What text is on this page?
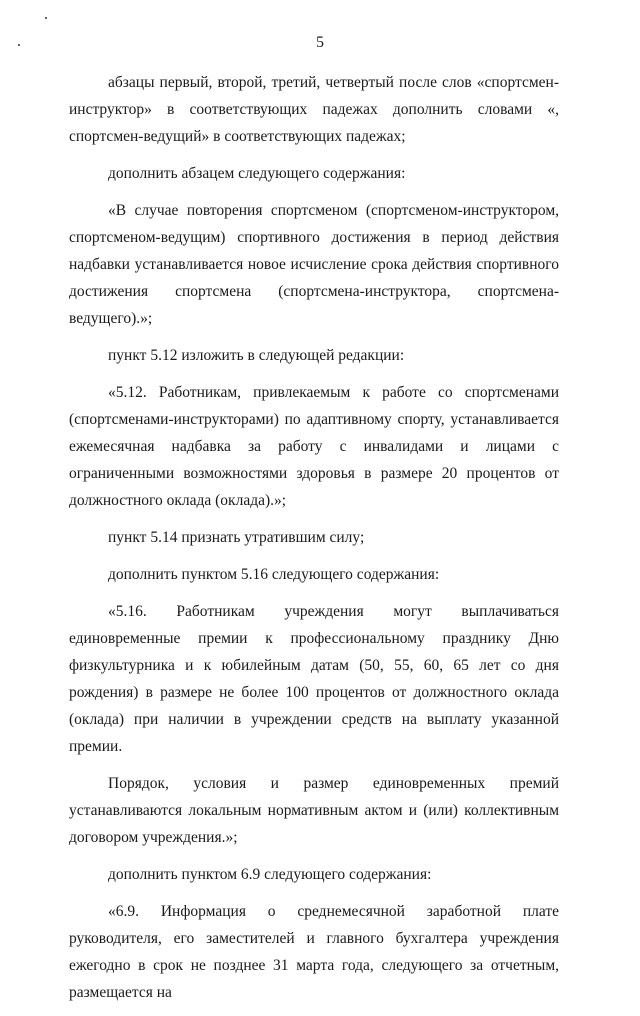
5

абзацы первый, второй, третий, четвертый после слов «спортсмен-инструктор» в соответствующих падежах дополнить словами «, спортсмен-ведущий» в соответствующих падежах;

дополнить абзацем следующего содержания:

«В случае повторения спортсменом (спортсменом-инструктором, спортсменом-ведущим) спортивного достижения в период действия надбавки устанавливается новое исчисление срока действия спортивного достижения спортсмена (спортсмена-инструктора, спортсмена-ведущего).»;

пункт 5.12 изложить в следующей редакции:

«5.12. Работникам, привлекаемым к работе со спортсменами (спортсменами-инструкторами) по адаптивному спорту, устанавливается ежемесячная надбавка за работу с инвалидами и лицами с ограниченными возможностями здоровья в размере 20 процентов от должностного оклада (оклада).»;

пункт 5.14 признать утратившим силу;

дополнить пунктом 5.16 следующего содержания:

«5.16. Работникам учреждения могут выплачиваться единовременные премии к профессиональному празднику Дню физкультурника и к юбилейным датам (50, 55, 60, 65 лет со дня рождения) в размере не более 100 процентов от должностного оклада (оклада) при наличии в учреждении средств на выплату указанной премии.

Порядок, условия и размер единовременных премий устанавливаются локальным нормативным актом и (или) коллективным договором учреждения.»;

дополнить пунктом 6.9 следующего содержания:

«6.9. Информация о среднемесячной заработной плате руководителя, его заместителей и главного бухгалтера учреждения ежегодно в срок не позднее 31 марта года, следующего за отчетным, размещается на
